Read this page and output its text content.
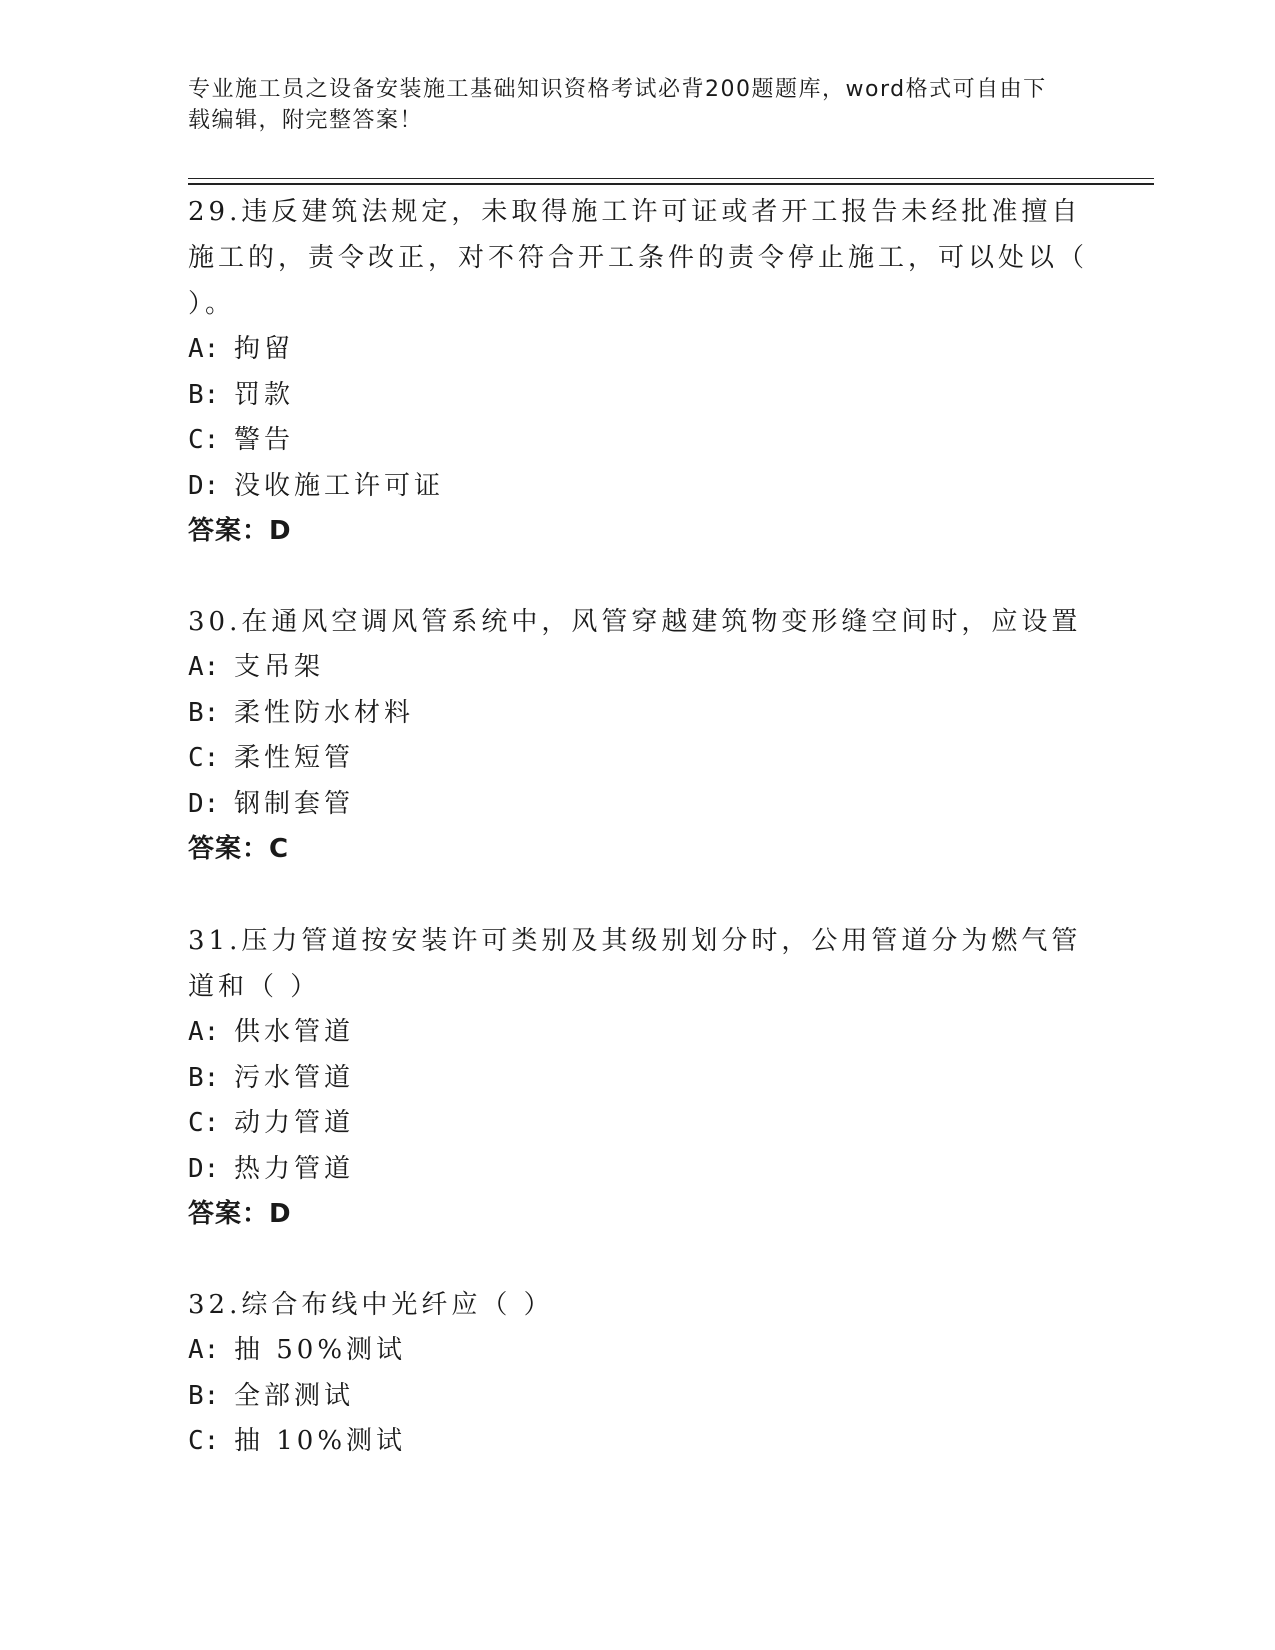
专业施工员之设备安装施工基础知识资格考试必背200题题库，word格式可自由下载编辑，附完整答案！

29.违反建筑法规定，未取得施工许可证或者开工报告未经批准擅自施工的，责令改正，对不符合开工条件的责令停止施工，可以处以（ ）。

A: 拘留
B: 罚款
C: 警告
D: 没收施工许可证
答案：D

30.在通风空调风管系统中，风管穿越建筑物变形缝空间时，应设置

A: 支吊架
B: 柔性防水材料
C: 柔性短管
D: 钢制套管
答案：C

31.压力管道按安装许可类别及其级别划分时，公用管道分为燃气管道和（ ）

A: 供水管道
B: 污水管道
C: 动力管道
D: 热力管道
答案：D

32.综合布线中光纤应（ ）

A: 抽 50%测试
B: 全部测试
C: 抽 10%测试
